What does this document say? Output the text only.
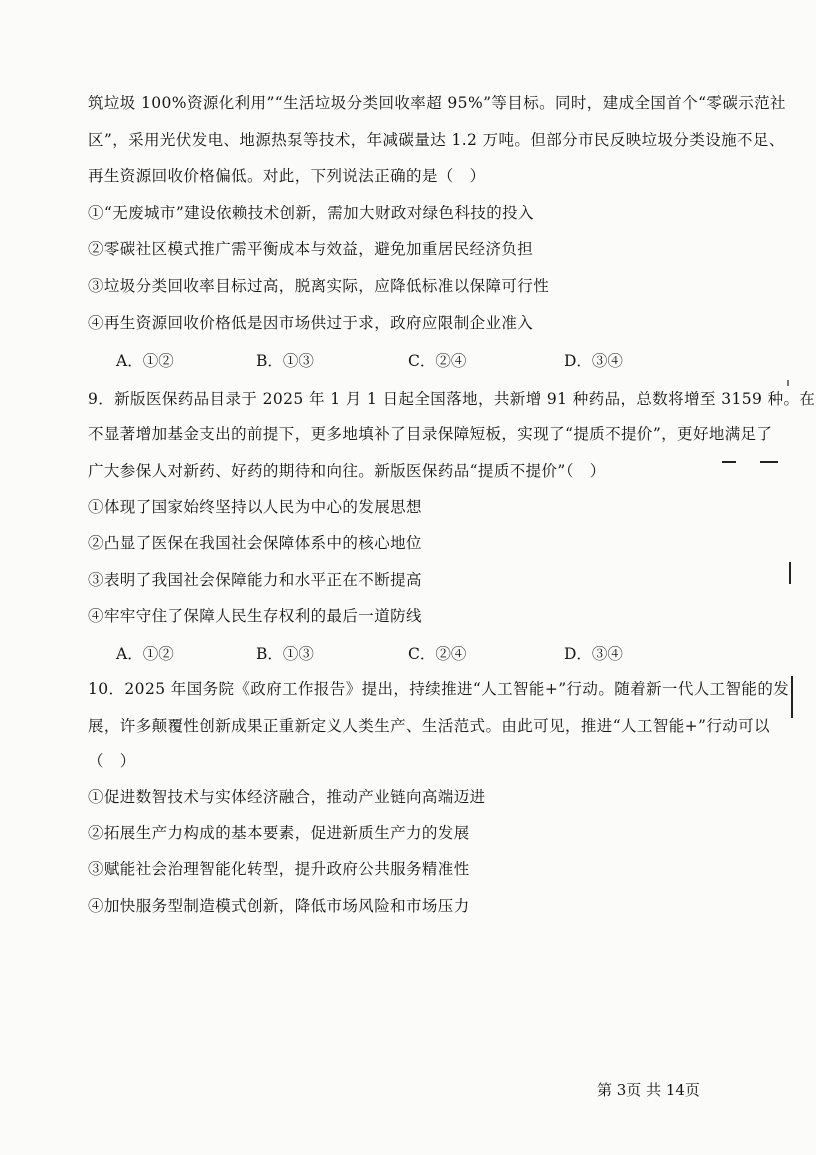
筑垃圾 100%资源化利用”“生活垃圾分类回收率超 95%”等目标。同时，建成全国首个“零碳示范社
区”，采用光伏发电、地源热泵等技术，年减碳量达 1.2 万吨。但部分市民反映垃圾分类设施不足、
再生资源回收价格偏低。对此，下列说法正确的是（　）
①“无废城市”建设依赖技术创新，需加大财政对绿色科技的投入
②零碳社区模式推广需平衡成本与效益，避免加重居民经济负担
③垃圾分类回收率目标过高，脱离实际，应降低标准以保障可行性
④再生资源回收价格低是因市场供过于求，政府应限制企业准入
A．①②	B．①③	C．②④	D．③④
9．新版医保药品目录于 2025 年 1 月 1 日起全国落地，共新增 91 种药品，总数将增至 3159 种。在
不显著增加基金支出的前提下，更多地填补了目录保障短板，实现了“提质不提价”，更好地满足了
广大参保人对新药、好药的期待和向往。新版医保药品“提质不提价”（　）
①体现了国家始终坚持以人民为中心的发展思想
②凸显了医保在我国社会保障体系中的核心地位
③表明了我国社会保障能力和水平正在不断提高
④牢牢守住了保障人民生存权利的最后一道防线
A．①②	B．①③	C．②④	D．③④
10．2025 年国务院《政府工作报告》提出，持续推进“人工智能+”行动。随着新一代人工智能的发
展，许多颠覆性创新成果正重新定义人类生产、生活范式。由此可见，推进“人工智能+”行动可以
（　）
①促进数智技术与实体经济融合，推动产业链向高端迈进
②拓展生产力构成的基本要素，促进新质生产力的发展
③赋能社会治理智能化转型，提升政府公共服务精准性
④加快服务型制造模式创新，降低市场风险和市场压力
第 3页 共 14页
